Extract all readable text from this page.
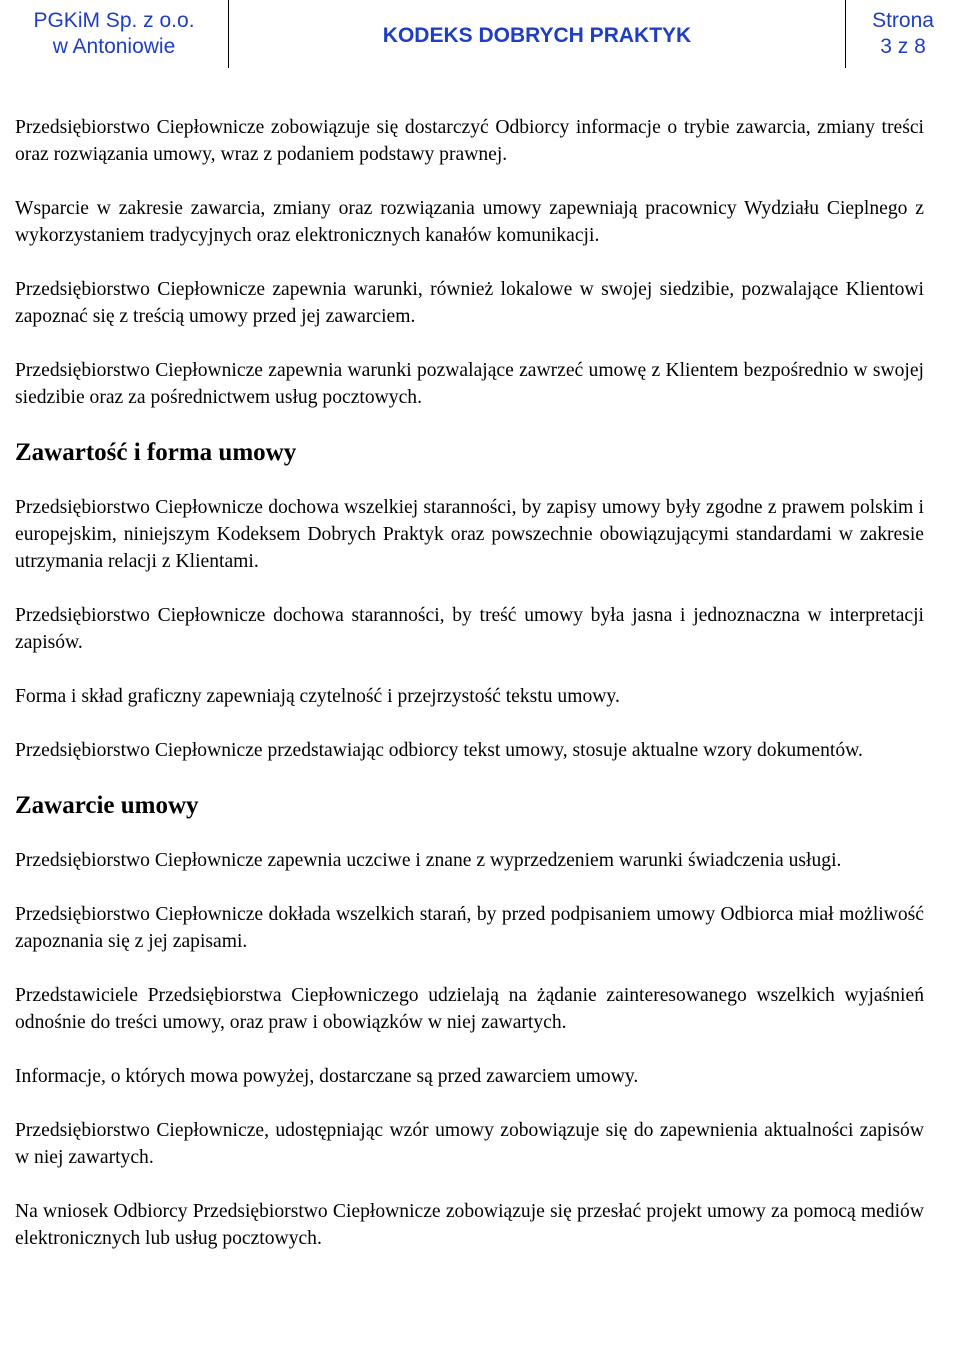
PGKiM Sp. z o.o.
w Antoniowie	KODEKS DOBRYCH PRAKTYK
Strona
3 z 8

Przedsiębiorstwo Ciepłownicze zobowiązuje się dostarczyć Odbiorcy informacje o trybie zawarcia, zmiany treści oraz rozwiązania umowy, wraz z podaniem podstawy prawnej.

Wsparcie w zakresie zawarcia, zmiany oraz rozwiązania umowy zapewniają pracownicy Wydziału Cieplnego z wykorzystaniem tradycyjnych oraz elektronicznych kanałów komunikacji.

Przedsiębiorstwo Ciepłownicze zapewnia warunki, również lokalowe w swojej siedzibie, pozwalające Klientowi zapoznać się z treścią umowy przed jej zawarciem.

Przedsiębiorstwo Ciepłownicze zapewnia warunki pozwalające zawrzeć umowę z Klientem bezpośrednio w swojej siedzibie oraz za pośrednictwem usług pocztowych.

Zawartość i forma umowy

Przedsiębiorstwo Ciepłownicze dochowa wszelkiej staranności, by zapisy umowy były zgodne z prawem polskim i europejskim, niniejszym Kodeksem Dobrych Praktyk oraz powszechnie obowiązującymi standardami w zakresie utrzymania relacji z Klientami.

Przedsiębiorstwo Ciepłownicze dochowa staranności, by treść umowy była jasna i jednoznaczna w interpretacji zapisów.

Forma i skład graficzny zapewniają czytelność i przejrzystość tekstu umowy.

Przedsiębiorstwo Ciepłownicze przedstawiając odbiorcy tekst umowy, stosuje aktualne wzory dokumentów.

Zawarcie umowy

Przedsiębiorstwo Ciepłownicze zapewnia uczciwe i znane z wyprzedzeniem warunki świadczenia usługi.

Przedsiębiorstwo Ciepłownicze dokłada wszelkich starań, by przed podpisaniem umowy Odbiorca miał możliwość zapoznania się z jej zapisami.

Przedstawiciele Przedsiębiorstwa Ciepłowniczego udzielają na żądanie zainteresowanego wszelkich wyjaśnień odnośnie do treści umowy, oraz praw i obowiązków w niej zawartych.

Informacje, o których mowa powyżej, dostarczane są przed zawarciem umowy.

Przedsiębiorstwo Ciepłownicze, udostępniając wzór umowy zobowiązuje się do zapewnienia aktualności zapisów w niej zawartych.

Na wniosek Odbiorcy Przedsiębiorstwo Ciepłownicze zobowiązuje się przesłać projekt umowy za pomocą mediów elektronicznych lub usług pocztowych.
